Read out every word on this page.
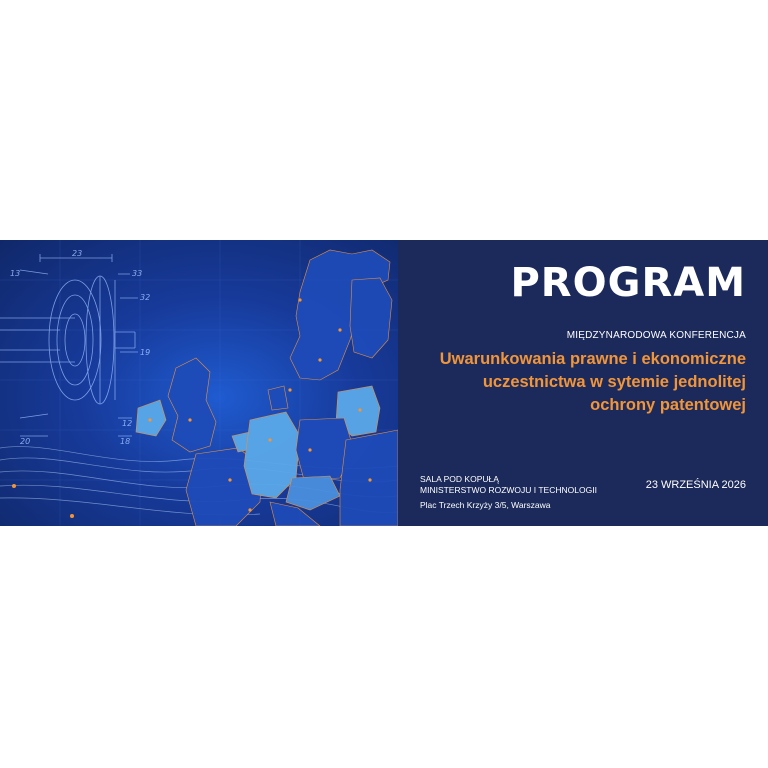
23
13	33
32
19
12
18
20
PROGRAM

MIĘDZYNARODOWA KONFERENCJA

Uwarunkowania prawne i ekonomiczne uczestnictwa w sytemie jednolitej ochrony patentowej

SALA POD KOPUŁĄ
MINISTERSTWO ROZWOJU I TECHNOLOGII
Plac Trzech Krzyży 3/5, Warszawa

23 WRZEŚNIA 2026
